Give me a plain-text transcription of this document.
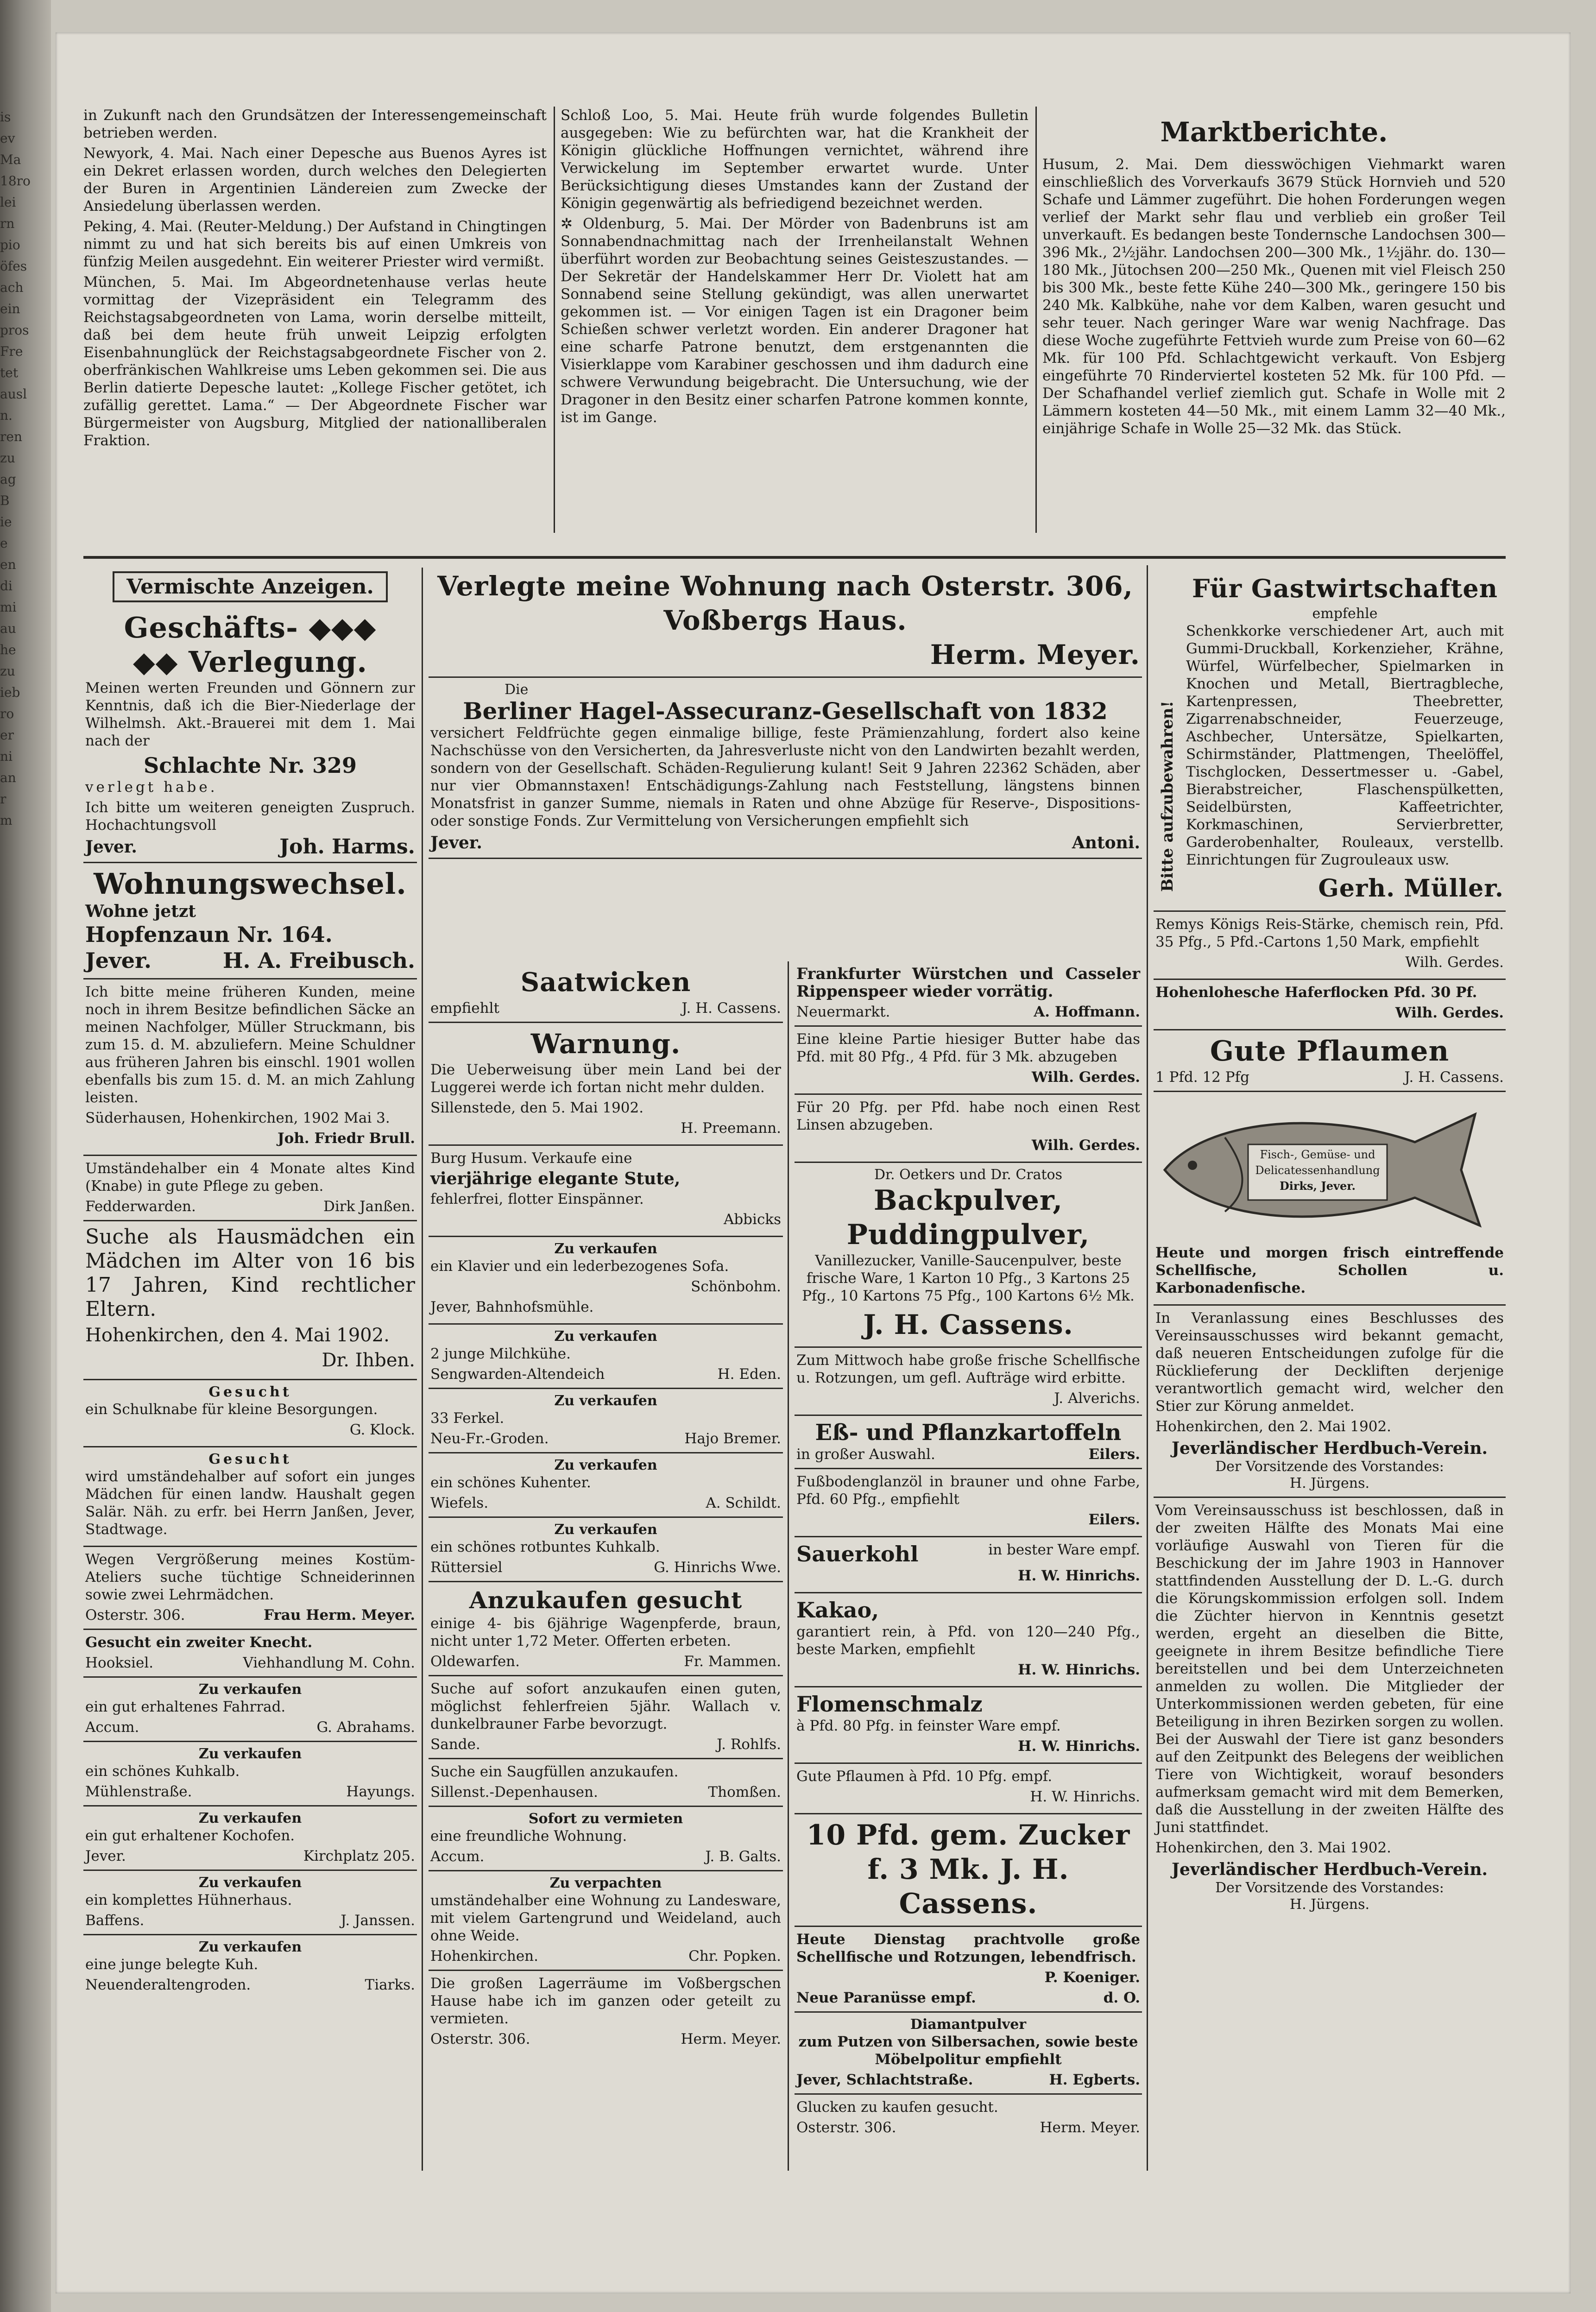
is
ev
Ma
18ro
lei
rn
pio
öfes
ach
ein
pros
Fre
tet
ausl
n.
ren
zu
ag
B
ie
e
en
di
mi
au
he
zu
ieb
ro
er
ni
an
r
m

in Zukunft nach den Grundsätzen der Interessengemeinschaft betrieben werden.

Newyork, 4. Mai. Nach einer Depesche aus Buenos Ayres ist ein Dekret erlassen worden, durch welches den Delegierten der Buren in Argentinien Ländereien zum Zwecke der Ansiedelung überlassen werden.

Peking, 4. Mai. (Reuter-Meldung.) Der Aufstand in Chingtingen nimmt zu und hat sich bereits bis auf einen Umkreis von fünfzig Meilen ausgedehnt. Ein weiterer Priester wird vermißt.

München, 5. Mai. Im Abgeordnetenhause verlas heute vormittag der Vizepräsident ein Telegramm des Reichstagsabgeordneten von Lama, worin derselbe mitteilt, daß bei dem heute früh unweit Leipzig erfolgten Eisenbahnunglück der Reichstagsabgeordnete Fischer von 2. oberfränkischen Wahlkreise ums Leben gekommen sei. Die aus Berlin datierte Depesche lautet: „Kollege Fischer getötet, ich zufällig gerettet. Lama.“ — Der Abgeordnete Fischer war Bürgermeister von Augsburg, Mitglied der nationalliberalen Fraktion.

Schloß Loo, 5. Mai. Heute früh wurde folgendes Bulletin ausgegeben: Wie zu befürchten war, hat die Krankheit der Königin glückliche Hoffnungen vernichtet, während ihre Verwickelung im September erwartet wurde. Unter Berücksichtigung dieses Umstandes kann der Zustand der Königin gegenwärtig als befriedigend bezeichnet werden.

✲ Oldenburg, 5. Mai. Der Mörder von Badenbruns ist am Sonnabendnachmittag nach der Irrenheilanstalt Wehnen überführt worden zur Beobachtung seines Geisteszustandes. — Der Sekretär der Handelskammer Herr Dr. Violett hat am Sonnabend seine Stellung gekündigt, was allen unerwartet gekommen ist. — Vor einigen Tagen ist ein Dragoner beim Schießen schwer verletzt worden. Ein anderer Dragoner hat eine scharfe Patrone benutzt, dem erstgenannten die Visierklappe vom Karabiner geschossen und ihm dadurch eine schwere Verwundung beigebracht. Die Untersuchung, wie der Dragoner in den Besitz einer scharfen Patrone kommen konnte, ist im Gange.

Marktberichte.

Husum, 2. Mai. Dem diesswöchigen Viehmarkt waren einschließlich des Vorverkaufs 3679 Stück Hornvieh und 520 Schafe und Lämmer zugeführt. Die hohen Forderungen wegen verlief der Markt sehr flau und verblieb ein großer Teil unverkauft. Es bedangen beste Tondernsche Landochsen 300—396 Mk., 2½jähr. Landochsen 200—300 Mk., 1½jähr. do. 130—180 Mk., Jütochsen 200—250 Mk., Quenen mit viel Fleisch 250 bis 300 Mk., beste fette Kühe 240—300 Mk., geringere 150 bis 240 Mk. Kalbkühe, nahe vor dem Kalben, waren gesucht und sehr teuer. Nach geringer Ware war wenig Nachfrage. Das diese Woche zugeführte Fettvieh wurde zum Preise von 60—62 Mk. für 100 Pfd. Schlachtgewicht verkauft. Von Esbjerg eingeführte 70 Rinderviertel kosteten 52 Mk. für 100 Pfd. — Der Schafhandel verlief ziemlich gut. Schafe in Wolle mit 2 Lämmern kosteten 44—50 Mk., mit einem Lamm 32—40 Mk., einjährige Schafe in Wolle 25—32 Mk. das Stück.

Vermischte Anzeigen.
Geschäfts- ◆◆◆
◆◆ Verlegung.

Meinen werten Freunden und Gönnern zur Kenntnis, daß ich die Bier-Niederlage der Wilhelmsh. Akt.-Brauerei mit dem 1. Mai nach der

Schlachte Nr. 329

verlegt habe.

Ich bitte um weiteren geneigten Zuspruch. Hochachtungsvoll

Jever.	Joh. Harms.
Wohnungswechsel.
Wohne jetzt
Hopfenzaun Nr. 164.
Jever.	H. A. Freibusch.

Ich bitte meine früheren Kunden, meine noch in ihrem Besitze befindlichen Säcke an meinen Nachfolger, Müller Struckmann, bis zum 15. d. M. abzuliefern. Meine Schuldner aus früheren Jahren bis einschl. 1901 wollen ebenfalls bis zum 15. d. M. an mich Zahlung leisten.

Süderhausen, Hohenkirchen, 1902 Mai 3.

Joh. Friedr Brull.

Umständehalber ein 4 Monate altes Kind (Knabe) in gute Pflege zu geben.

Fedderwarden.	Dirk Janßen.

Suche als Hausmädchen ein Mädchen im Alter von 16 bis 17 Jahren, Kind rechtlicher Eltern.

Hohenkirchen, den 4. Mai 1902.

Dr. Ihben.

Gesucht

ein Schulknabe für kleine Besorgungen.

G. Klock.

Gesucht

wird umständehalber auf sofort ein junges Mädchen für einen landw. Haushalt gegen Salär. Näh. zu erfr. bei Herrn Janßen, Jever, Stadtwage.

Wegen Vergrößerung meines Kostüm-Ateliers suche tüchtige Schneiderinnen sowie zwei Lehrmädchen.

Osterstr. 306.	Frau Herm. Meyer.

Gesucht ein zweiter Knecht.

Hooksiel.	Viehhandlung M. Cohn.
Zu verkaufen

ein gut erhaltenes Fahrrad.

Accum.	G. Abrahams.
Zu verkaufen

ein schönes Kuhkalb.

Mühlenstraße.	Hayungs.
Zu verkaufen

ein gut erhaltener Kochofen.

Jever.	Kirchplatz 205.
Zu verkaufen

ein komplettes Hühnerhaus.

Baffens.	J. Janssen.
Zu verkaufen

eine junge belegte Kuh.

Neuenderaltengroden.	Tiarks.
Verlegte meine Wohnung nach Osterstr. 306,
Voßbergs Haus.
Herm. Meyer.
Die
Berliner Hagel-Assecuranz-Gesellschaft von 1832

versichert Feldfrüchte gegen einmalige billige, feste Prämienzahlung, fordert also keine Nachschüsse von den Versicherten, da Jahresverluste nicht von den Landwirten bezahlt werden, sondern von der Gesellschaft. Schäden-Regulierung kulant! Seit 9 Jahren 22362 Schäden, aber nur vier Obmannstaxen! Entschädigungs-Zahlung nach Feststellung, längstens binnen Monatsfrist in ganzer Summe, niemals in Raten und ohne Abzüge für Reserve-, Dispositions- oder sonstige Fonds. Zur Vermittelung von Versicherungen empfiehlt sich

Jever.	Antoni.
Saatwicken
empfiehlt	J. H. Cassens.
Warnung.

Die Ueberweisung über mein Land bei der Luggerei werde ich fortan nicht mehr dulden.

Sillenstede, den 5. Mai 1902.

H. Preemann.

Burg Husum. Verkaufe eine

vierjährige elegante Stute,

fehlerfrei, flotter Einspänner.

Abbicks

Zu verkaufen

ein Klavier und ein lederbezogenes Sofa.

Schönbohm.

Jever, Bahnhofsmühle.

Zu verkaufen

2 junge Milchkühe.

Sengwarden-Altendeich	H. Eden.
Zu verkaufen

33 Ferkel.

Neu-Fr.-Groden.	Hajo Bremer.
Zu verkaufen

ein schönes Kuhenter.

Wiefels.	A. Schildt.
Zu verkaufen

ein schönes rotbuntes Kuhkalb.

Rüttersiel	G. Hinrichs Wwe.
Anzukaufen gesucht

einige 4- bis 6jährige Wagenpferde, braun, nicht unter 1,72 Meter. Offerten erbeten.

Oldewarfen.	Fr. Mammen.

Suche auf sofort anzukaufen einen guten, möglichst fehlerfreien 5jähr. Wallach v. dunkelbrauner Farbe bevorzugt.

Sande.	J. Rohlfs.

Suche ein Saugfüllen anzukaufen.

Sillenst.-Depenhausen.	Thomßen.
Sofort zu vermieten

eine freundliche Wohnung.

Accum.	J. B. Galts.
Zu verpachten

umständehalber eine Wohnung zu Landesware, mit vielem Gartengrund und Weideland, auch ohne Weide.

Hohenkirchen.	Chr. Popken.

Die großen Lagerräume im Voßbergschen Hause habe ich im ganzen oder geteilt zu vermieten.

Osterstr. 306.	Herm. Meyer.

Frankfurter Würstchen und Casseler Rippenspeer wieder vorrätig.

Neuermarkt.	A. Hoffmann.

Eine kleine Partie hiesiger Butter habe das Pfd. mit 80 Pfg., 4 Pfd. für 3 Mk. abzugeben

Wilh. Gerdes.

Für 20 Pfg. per Pfd. habe noch einen Rest Linsen abzugeben.

Wilh. Gerdes.

Dr. Oetkers und Dr. Cratos
Backpulver,
Puddingpulver,

Vanillezucker, Vanille-Saucenpulver, beste frische Ware, 1 Karton 10 Pfg., 3 Kartons 25 Pfg., 10 Kartons 75 Pfg., 100 Kartons 6½ Mk.

J. H. Cassens.

Zum Mittwoch habe große frische Schellfische u. Rotzungen, um gefl. Aufträge wird erbitte.

J. Alverichs.

Eß- und Pflanzkartoffeln
in großer Auswahl.	Eilers.

Fußbodenglanzöl in brauner und ohne Farbe, Pfd. 60 Pfg., empfiehlt

Eilers.

Sauerkohl	in bester Ware empf.

H. W. Hinrichs.

Kakao,

garantiert rein, à Pfd. von 120—240 Pfg., beste Marken, empfiehlt

H. W. Hinrichs.

Flomenschmalz

à Pfd. 80 Pfg. in feinster Ware empf.

H. W. Hinrichs.

Gute Pflaumen à Pfd. 10 Pfg. empf.

H. W. Hinrichs.

10 Pfd. gem. Zucker
f. 3 Mk. J. H. Cassens.

Heute Dienstag prachtvolle große Schellfische und Rotzungen, lebendfrisch.

P. Koeniger.

Neue Paranüsse empf.	d. O.
Diamantpulver

zum Putzen von Silbersachen, sowie beste Möbelpolitur empfiehlt

Jever, Schlachtstraße.	H. Egberts.

Glucken zu kaufen gesucht.

Osterstr. 306.	Herm. Meyer.
Bitte aufzubewahren!
Für Gastwirtschaften
empfehle

Schenkkorke verschiedener Art, auch mit Gummi-Druckball, Korkenzieher, Krähne, Würfel, Würfelbecher, Spielmarken in Knochen und Metall, Biertragbleche, Kartenpressen, Theebretter, Zigarrenabschneider, Feuerzeuge, Aschbecher, Untersätze, Spielkarten, Schirmständer, Plattmengen, Theelöffel, Tischglocken, Dessertmesser u. -Gabel, Bierabstreicher, Flaschenspülketten, Seidelbürsten, Kaffeetrichter, Korkmaschinen, Servierbretter, Garderobenhalter, Rouleaux, verstellb. Einrichtungen für Zugrouleaux usw.

Gerh. Müller.

Remys Königs Reis-Stärke, chemisch rein, Pfd. 35 Pfg., 5 Pfd.-Cartons 1,50 Mark, empfiehlt

Wilh. Gerdes.

Hohenlohesche Haferflocken Pfd. 30 Pf.

Wilh. Gerdes.

Gute Pflaumen
1 Pfd. 12 Pfg	J. H. Cassens.
Fisch-, Gemüse- und
Delicatessenhandlung
Dirks, Jever.

Heute und morgen frisch eintreffende Schellfische, Schollen u. Karbonadenfische.

In Veranlassung eines Beschlusses des Vereinsausschusses wird bekannt gemacht, daß neueren Entscheidungen zufolge für die Rücklieferung der Deckliften derjenige verantwortlich gemacht wird, welcher den Stier zur Körung anmeldet.

Hohenkirchen, den 2. Mai 1902.

Jeverländischer Herdbuch-Verein.
Der Vorsitzende des Vorstandes:
H. Jürgens.

Vom Vereinsausschuss ist beschlossen, daß in der zweiten Hälfte des Monats Mai eine vorläufige Auswahl von Tieren für die Beschickung der im Jahre 1903 in Hannover stattfindenden Ausstellung der D. L.-G. durch die Körungskommission erfolgen soll. Indem die Züchter hiervon in Kenntnis gesetzt werden, ergeht an dieselben die Bitte, geeignete in ihrem Besitze befindliche Tiere bereitstellen und bei dem Unterzeichneten anmelden zu wollen. Die Mitglieder der Unterkommissionen werden gebeten, für eine Beteiligung in ihren Bezirken sorgen zu wollen. Bei der Auswahl der Tiere ist ganz besonders auf den Zeitpunkt des Belegens der weiblichen Tiere von Wichtigkeit, worauf besonders aufmerksam gemacht wird mit dem Bemerken, daß die Ausstellung in der zweiten Hälfte des Juni stattfindet.

Hohenkirchen, den 3. Mai 1902.

Jeverländischer Herdbuch-Verein.
Der Vorsitzende des Vorstandes:
H. Jürgens.
